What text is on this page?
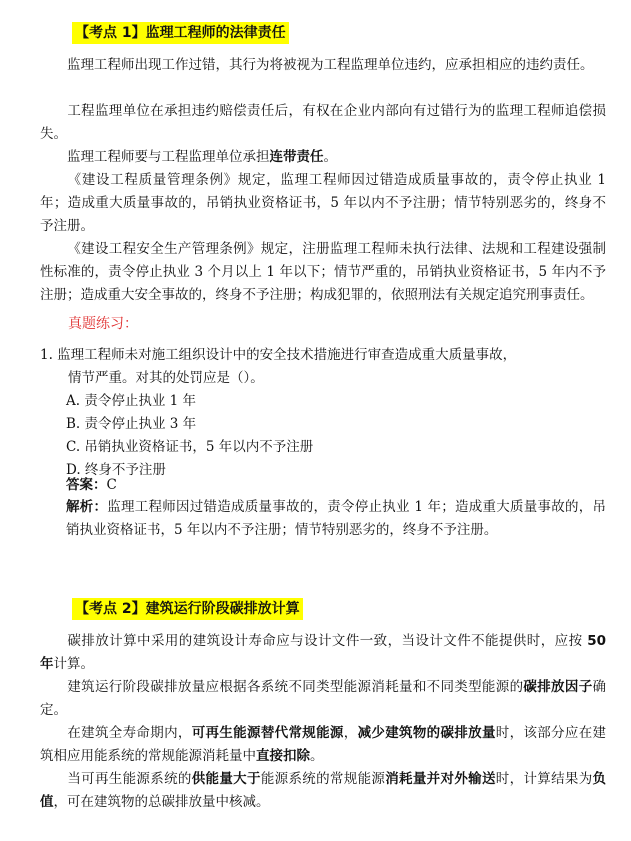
【考点 1】监理工程师的法律责任
监理工程师出现工作过错，其行为将被视为工程监理单位违约，应承担相应的违约责任。
工程监理单位在承担违约赔偿责任后，有权在企业内部向有过错行为的监理工程师追偿损失。
监理工程师要与工程监理单位承担连带责任。
《建设工程质量管理条例》规定，监理工程师因过错造成质量事故的，责令停止执业 1 年；造成重大质量事故的，吊销执业资格证书，5 年以内不予注册；情节特别恶劣的，终身不予注册。
《建设工程安全生产管理条例》规定，注册监理工程师未执行法律、法规和工程建设强制性标准的，责令停止执业 3 个月以上 1 年以下；情节严重的，吊销执业资格证书，5 年内不予注册；造成重大安全事故的，终身不予注册；构成犯罪的，依照刑法有关规定追究刑事责任。
真题练习：
1. 监理工程师未对施工组织设计中的安全技术措施进行审查造成重大质量事故，
情节严重。对其的处罚应是（）。
A. 责令停止执业 1 年
B. 责令停止执业 3 年
C. 吊销执业资格证书，5 年以内不予注册
D. 终身不予注册
答案：C
解析：监理工程师因过错造成质量事故的，责令停止执业 1 年；造成重大质量事故的，吊销执业资格证书，5 年以内不予注册；情节特别恶劣的，终身不予注册。
【考点 2】建筑运行阶段碳排放计算
碳排放计算中采用的建筑设计寿命应与设计文件一致，当设计文件不能提供时，应按 50 年计算。
建筑运行阶段碳排放量应根据各系统不同类型能源消耗量和不同类型能源的碳排放因子确定。
在建筑全寿命期内，可再生能源替代常规能源，减少建筑物的碳排放量时，该部分应在建筑相应用能系统的常规能源消耗量中直接扣除。
当可再生能源系统的供能量大于能源系统的常规能源消耗量并对外输送时，计算结果为负值，可在建筑物的总碳排放量中核减。
